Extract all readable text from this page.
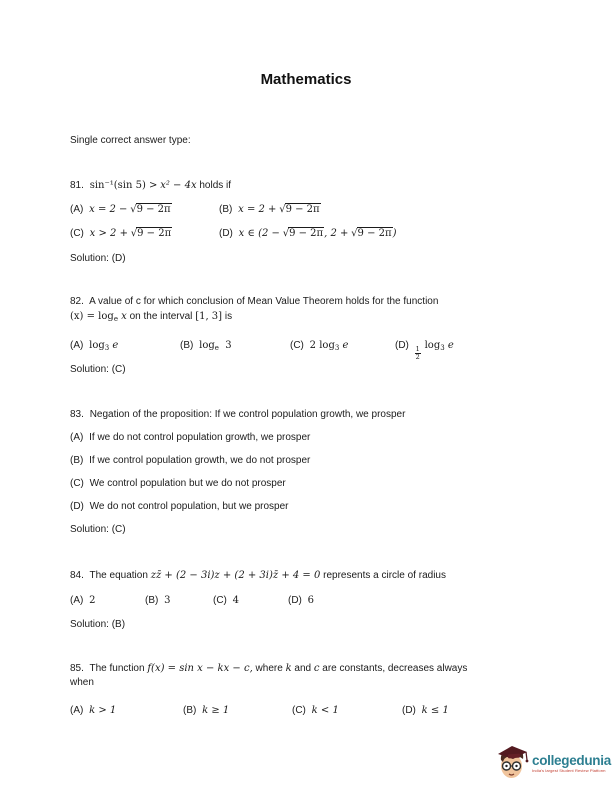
Mathematics
Single correct answer type:
81. sin⁻¹(sin 5) > x² − 4x holds if
(A) x = 2 − √9 − 2π	(B) x = 2 + √9 − 2π
(C) x > 2 + √9 − 2π	(D) x ∈ (2 − √9 − 2π, 2 + √9 − 2π)
Solution: (D)
82. A value of c for which conclusion of Mean Value Theorem holds for the function
$(x) = \log_e x$ on the interval [1, 3] is
(A) $\log_3 e$	(B) $\log_e 3$	(C) 2 $\log_3 e$	(D)
$\frac{1}{2}$
$\log_3 e$
Solution: (C)
83. Negation of the proposition: If we control population growth, we prosper
(A) If we do not control population growth, we prosper
(B) If we control population growth, we do not prosper
(C) We control population but we do not prosper
(D) We do not control population, but we prosper
Solution: (C)
84. The equation zz̄ + (2 − 3i)z + (2 + 3i)z̄ + 4 = 0 represents a circle of radius
(A) 2	(B) 3	(C) 4	(D) 6
Solution: (B)
85. The function f(x) = sin x − kx − c, where k and c are constants, decreases always
when
(A) k > 1	(B) k ≥ 1	(C) k < 1	(D) k ≤ 1
collegedunia
India's largest Student Review Platform
